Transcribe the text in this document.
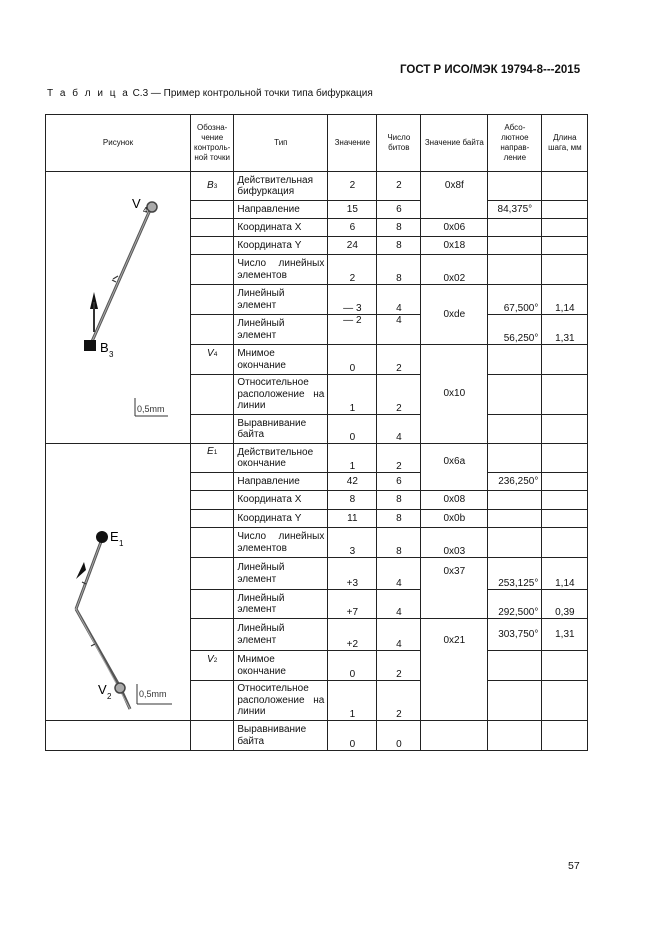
ГОСТ Р ИСО/МЭК 19794-8---2015
Т а б л и ц а С.3 — Пример контрольной точки типа бифуркация
Рисунок	Обозна-чение контроль-ной точки	Тип	Значение	Число битов	Значение байта	Абсо-лютное направ-ление	Длина шага, мм

V 4
B 3
0,5mm	B3	Действительная бифуркация	2	2	0x8f		
		Направление	15	6		84,375°	
		Координата X	6	8	0x06		
		Координата Y	24	8	0x18		
		Число линейных элементов	2	8	0x02		
		Линейный элемент	— 3	4	0xde	67,500°	1,14
		Линейный элемент	— 2	4		56,250°	1,31
	V4	Мнимое окончание	0	2	0x10		
		Относительное расположение на линии	1	2			
		Выравнивание байта	0	4			

E 1
V 2 0,5mm	E1	Действительное окончание	1	2	0x6a		
		Направление	42	6		236,250°	
		Координата X	8	8	0x08		
		Координата Y	11	8	0x0b		
		Число линейных элементов	3	8	0x03		
		Линейный элемент	+3	4	0x37	253,125°	1,14
		Линейный элемент	+7	4		292,500°	0,39
		Линейный элемент	+2	4	0x21	303,750°	1,31
	V2	Мнимое окончание	0	2			
		Относительное расположение на линии	1	2			
		Выравнивание байта	0	0			
57
